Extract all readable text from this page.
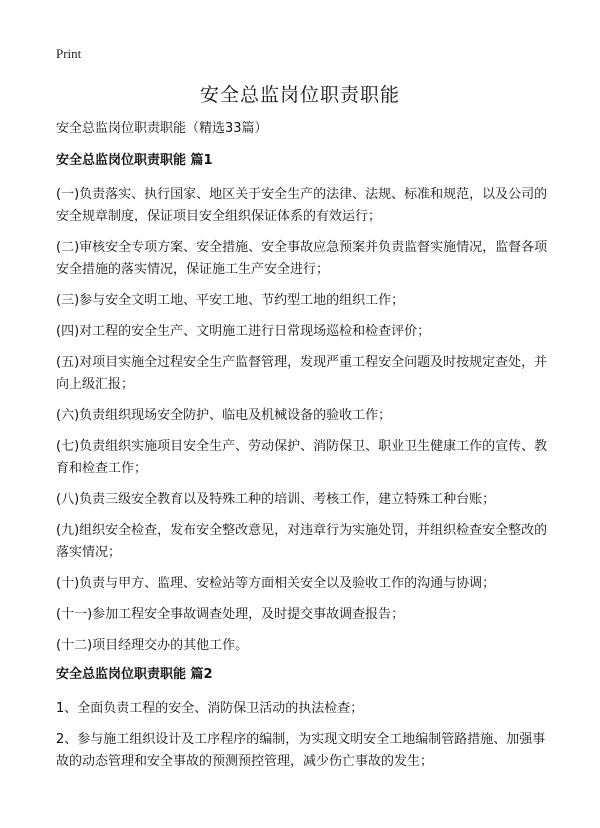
Print
安全总监岗位职责职能

安全总监岗位职责职能（精选33篇）

安全总监岗位职责职能 篇1

(一)负责落实、执行国家、地区关于安全生产的法律、法规、标准和规范，以及公司的安全规章制度，保证项目安全组织保证体系的有效运行；

(二)审核安全专项方案、安全措施、安全事故应急预案并负责监督实施情况，监督各项安全措施的落实情况，保证施工生产安全进行；

(三)参与安全文明工地、平安工地、节约型工地的组织工作；

(四)对工程的安全生产、文明施工进行日常现场巡检和检查评价；

(五)对项目实施全过程安全生产监督管理，发现严重工程安全问题及时按规定查处，并向上级汇报；

(六)负责组织现场安全防护、临电及机械设备的验收工作；

(七)负责组织实施项目安全生产、劳动保护、消防保卫、职业卫生健康工作的宣传、教育和检查工作；

(八)负责三级安全教育以及特殊工种的培训、考核工作，建立特殊工种台账；

(九)组织安全检查，发布安全整改意见，对违章行为实施处罚，并组织检查安全整改的落实情况；

(十)负责与甲方、监理、安检站等方面相关安全以及验收工作的沟通与协调；

(十一)参加工程安全事故调查处理，及时提交事故调查报告；

(十二)项目经理交办的其他工作。

安全总监岗位职责职能 篇2

1、全面负责工程的安全、消防保卫活动的执法检查；

2、参与施工组织设计及工序程序的编制，为实现文明安全工地编制管路措施、加强事故的动态管理和安全事故的预测预控管理，减少伤亡事故的发生；
